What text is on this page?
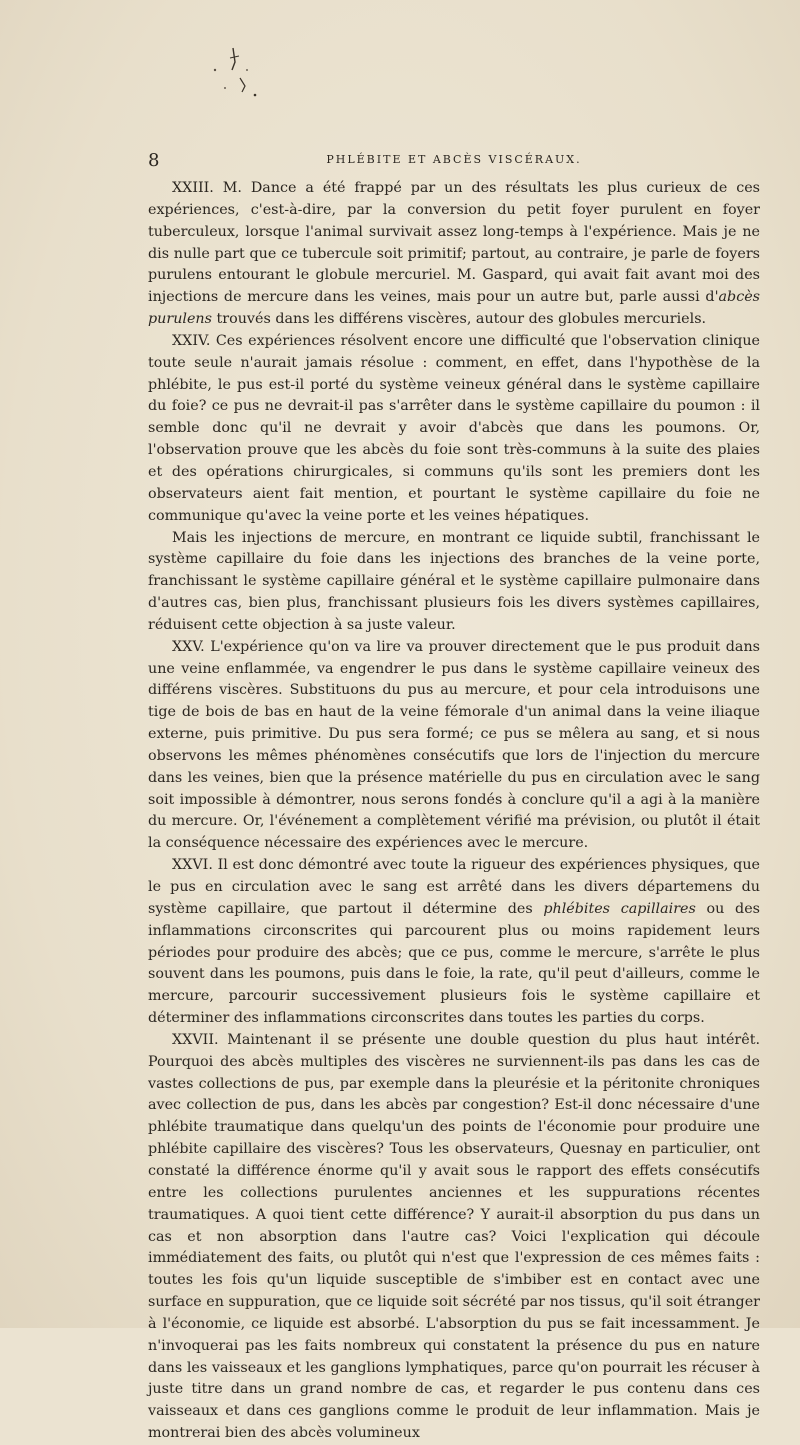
8	PHLÉBITE ET ABCÈS VISCÉRAUX.

XXIII. M. Dance a été frappé par un des résultats les plus curieux de ces expériences, c'est-à-dire, par la conversion du petit foyer purulent en foyer tuberculeux, lorsque l'animal survivait assez long-temps à l'expérience. Mais je ne dis nulle part que ce tubercule soit primitif; partout, au contraire, je parle de foyers purulens entourant le globule mercuriel. M. Gaspard, qui avait fait avant moi des injections de mercure dans les veines, mais pour un autre but, parle aussi d'abcès purulens trouvés dans les différens viscères, autour des globules mercuriels.

XXIV. Ces expériences résolvent encore une difficulté que l'observation clinique toute seule n'aurait jamais résolue : comment, en effet, dans l'hypothèse de la phlébite, le pus est-il porté du système veineux général dans le système capillaire du foie? ce pus ne devrait-il pas s'arrêter dans le système capillaire du poumon : il semble donc qu'il ne devrait y avoir d'abcès que dans les poumons. Or, l'observation prouve que les abcès du foie sont très-communs à la suite des plaies et des opérations chirurgicales, si communs qu'ils sont les premiers dont les observateurs aient fait mention, et pourtant le système capillaire du foie ne communique qu'avec la veine porte et les veines hépatiques.

Mais les injections de mercure, en montrant ce liquide subtil, franchissant le système capillaire du foie dans les injections des branches de la veine porte, franchissant le système capillaire général et le système capillaire pulmonaire dans d'autres cas, bien plus, franchissant plusieurs fois les divers systèmes capillaires, réduisent cette objection à sa juste valeur.

XXV. L'expérience qu'on va lire va prouver directement que le pus produit dans une veine enflammée, va engendrer le pus dans le système capillaire veineux des différens viscères. Substituons du pus au mercure, et pour cela introduisons une tige de bois de bas en haut de la veine fémorale d'un animal dans la veine iliaque externe, puis primitive. Du pus sera formé; ce pus se mêlera au sang, et si nous observons les mêmes phénomènes consécutifs que lors de l'injection du mercure dans les veines, bien que la présence matérielle du pus en circulation avec le sang soit impossible à démontrer, nous serons fondés à conclure qu'il a agi à la manière du mercure. Or, l'événement a complètement vérifié ma prévision, ou plutôt il était la conséquence nécessaire des expériences avec le mercure.

XXVI. Il est donc démontré avec toute la rigueur des expériences physiques, que le pus en circulation avec le sang est arrêté dans les divers départemens du système capillaire, que partout il détermine des phlébites capillaires ou des inflammations circonscrites qui parcourent plus ou moins rapidement leurs périodes pour produire des abcès; que ce pus, comme le mercure, s'arrête le plus souvent dans les poumons, puis dans le foie, la rate, qu'il peut d'ailleurs, comme le mercure, parcourir successivement plusieurs fois le système capillaire et déterminer des inflammations circonscrites dans toutes les parties du corps.

XXVII. Maintenant il se présente une double question du plus haut intérêt. Pourquoi des abcès multiples des viscères ne surviennent-ils pas dans les cas de vastes collections de pus, par exemple dans la pleurésie et la péritonite chroniques avec collection de pus, dans les abcès par congestion? Est-il donc nécessaire d'une phlébite traumatique dans quelqu'un des points de l'économie pour produire une phlébite capillaire des viscères? Tous les observateurs, Quesnay en particulier, ont constaté la différence énorme qu'il y avait sous le rapport des effets consécutifs entre les collections purulentes anciennes et les suppurations récentes traumatiques. A quoi tient cette différence? Y aurait-il absorption du pus dans un cas et non absorption dans l'autre cas? Voici l'explication qui découle immédiatement des faits, ou plutôt qui n'est que l'expression de ces mêmes faits : toutes les fois qu'un liquide susceptible de s'imbiber est en contact avec une surface en suppuration, que ce liquide soit sécrété par nos tissus, qu'il soit étranger à l'économie, ce liquide est absorbé. L'absorption du pus se fait incessamment. Je n'invoquerai pas les faits nombreux qui constatent la présence du pus en nature dans les vaisseaux et les ganglions lymphatiques, parce qu'on pourrait les récuser à juste titre dans un grand nombre de cas, et regarder le pus contenu dans ces vaisseaux et dans ces ganglions comme le produit de leur inflammation. Mais je montrerai bien des abcès volumineux
